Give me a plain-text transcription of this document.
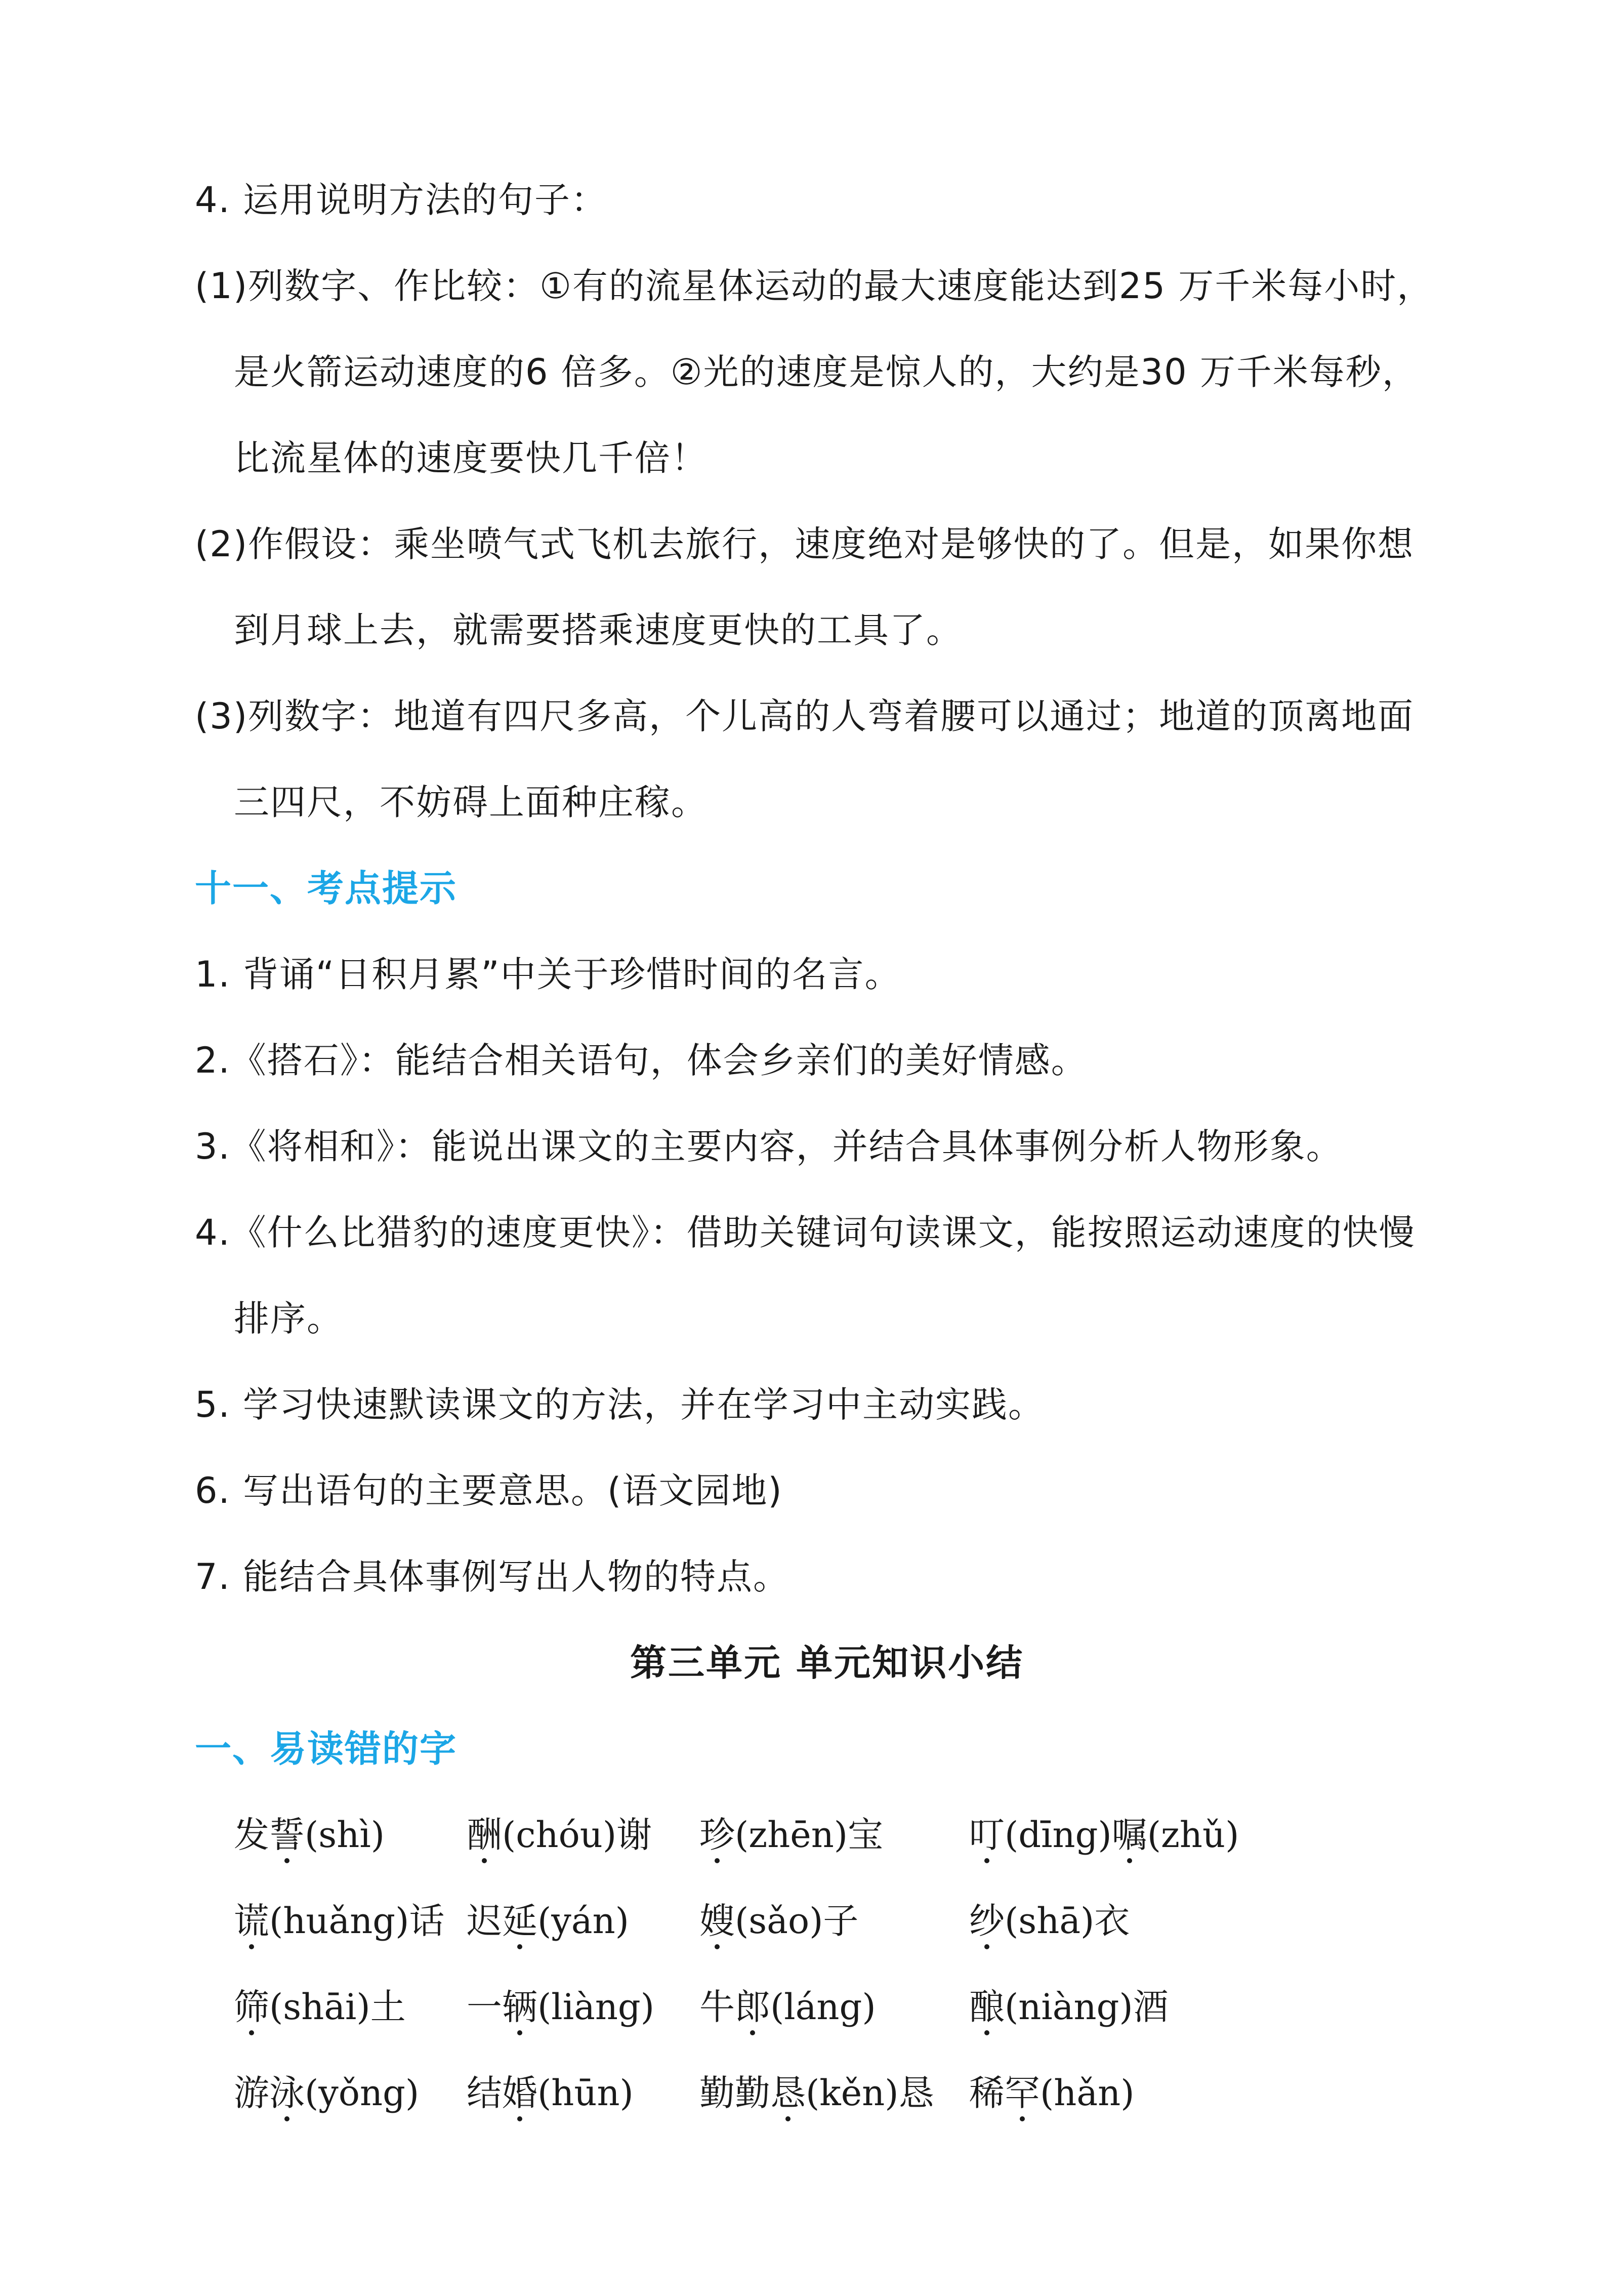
4. 运用说明方法的句子：
(1)列数字、作比较：①有的流星体运动的最大速度能达到25 万千米每小时，
是火箭运动速度的6 倍多。②光的速度是惊人的，大约是30 万千米每秒，
比流星体的速度要快几千倍！
(2)作假设：乘坐喷气式飞机去旅行，速度绝对是够快的了。但是，如果你想
到月球上去，就需要搭乘速度更快的工具了。
(3)列数字：地道有四尺多高，个儿高的人弯着腰可以通过；地道的顶离地面
三四尺，不妨碍上面种庄稼。
十一、考点提示
1. 背诵“日积月累”中关于珍惜时间的名言。
2.《搭石》：能结合相关语句，体会乡亲们的美好情感。
3.《将相和》：能说出课文的主要内容，并结合具体事例分析人物形象。
4.《什么比猎豹的速度更快》：借助关键词句读课文，能按照运动速度的快慢
排序。
5. 学习快速默读课文的方法，并在学习中主动实践。
6. 写出语句的主要意思。(语文园地)
7. 能结合具体事例写出人物的特点。
第三单元 单元知识小结
一、易读错的字
发誓(shì) 酬(chóu)谢 珍(zhēn)宝 叮(dīng)嘱(zhǔ)
谎(huǎng)话 迟延(yán) 嫂(sǎo)子	纱(shā)衣
筛(shāi)土 一辆(liàng) 牛郎(láng)	酿(niàng)酒
游泳(yǒng) 结婚(hūn) 勤勤恳(kěn)恳 稀罕(hǎn)
